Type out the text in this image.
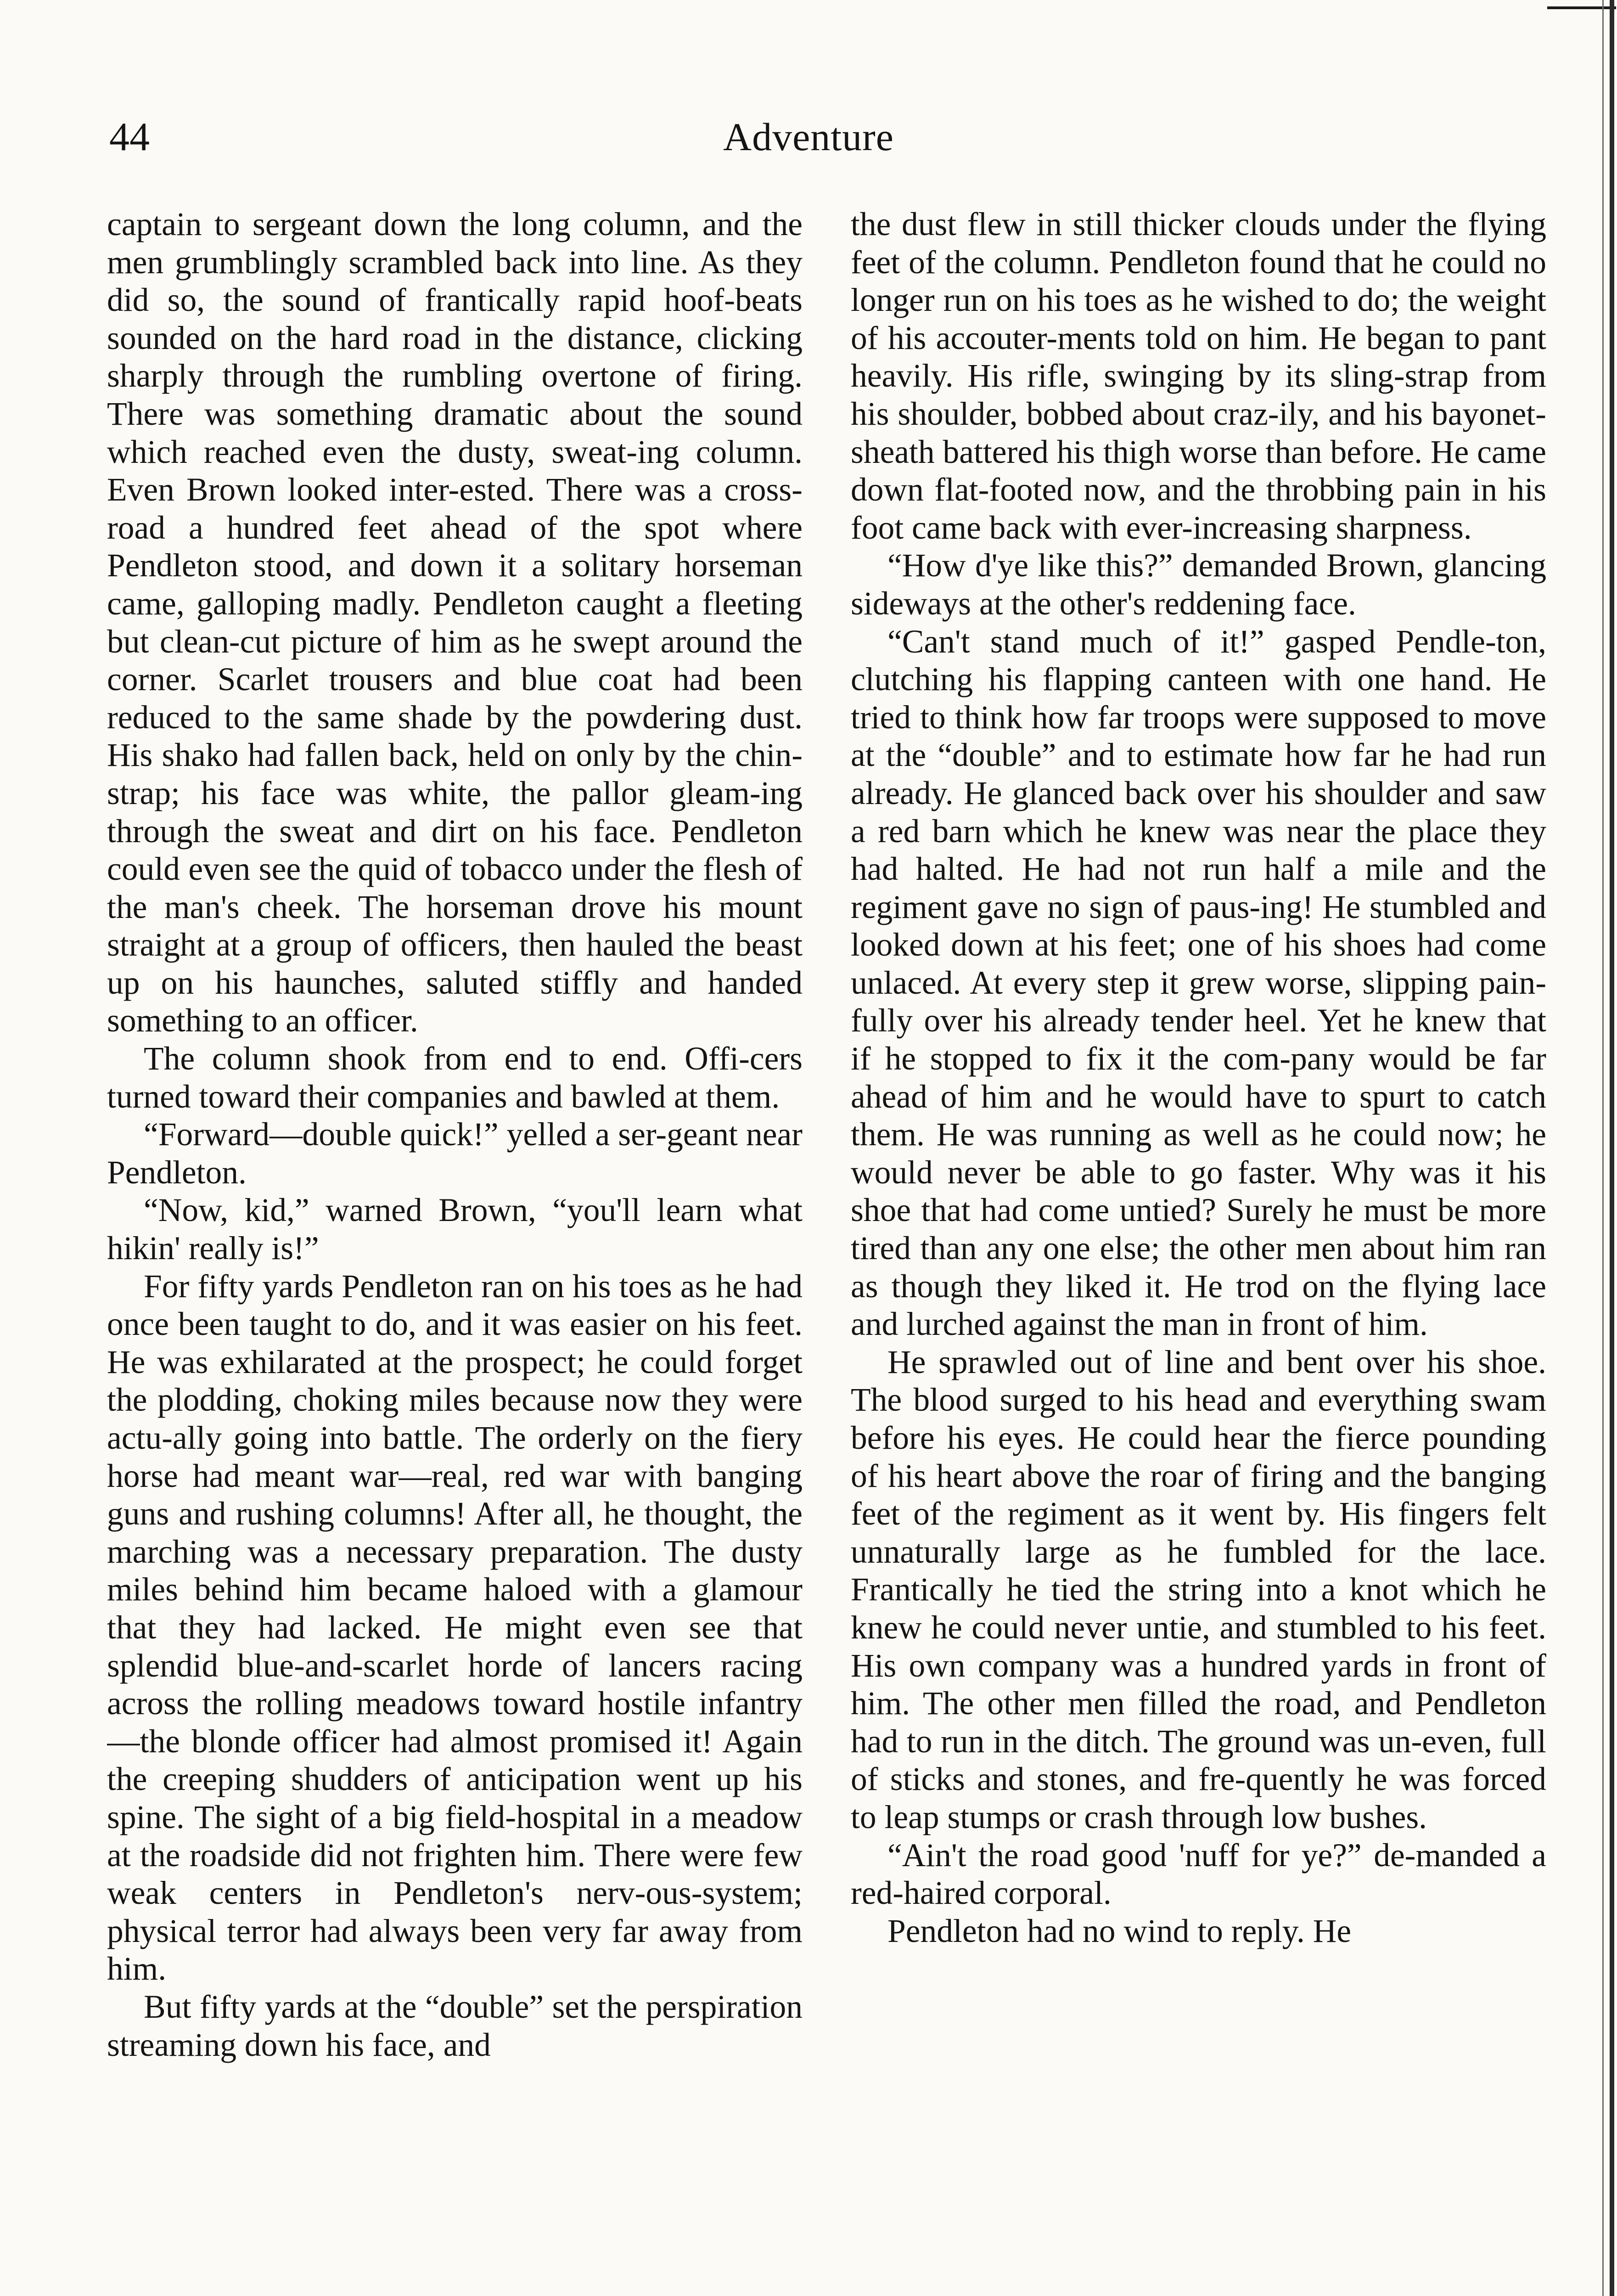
44	Adventure

captain to sergeant down the long column, and the men grumblingly scrambled back into line. As they did so, the sound of frantically rapid hoof-beats sounded on the hard road in the distance, clicking sharply through the rumbling overtone of firing. There was something dramatic about the sound which reached even the dusty, sweat-ing column. Even Brown looked inter-ested. There was a cross-road a hundred feet ahead of the spot where Pendleton stood, and down it a solitary horseman came, galloping madly. Pendleton caught a fleeting but clean-cut picture of him as he swept around the corner. Scarlet trousers and blue coat had been reduced to the same shade by the powdering dust. His shako had fallen back, held on only by the chin-strap; his face was white, the pallor gleam-ing through the sweat and dirt on his face. Pendleton could even see the quid of tobacco under the flesh of the man's cheek. The horseman drove his mount straight at a group of officers, then hauled the beast up on his haunches, saluted stiffly and handed something to an officer.

The column shook from end to end. Offi-cers turned toward their companies and bawled at them.

“Forward—double quick!” yelled a ser-geant near Pendleton.

“Now, kid,” warned Brown, “you'll learn what hikin' really is!”

For fifty yards Pendleton ran on his toes as he had once been taught to do, and it was easier on his feet. He was exhilarated at the prospect; he could forget the plodding, choking miles because now they were actu-ally going into battle. The orderly on the fiery horse had meant war—real, red war with banging guns and rushing columns! After all, he thought, the marching was a necessary preparation. The dusty miles behind him became haloed with a glamour that they had lacked. He might even see that splendid blue-and-scarlet horde of lancers racing across the rolling meadows toward hostile infantry—the blonde officer had almost promised it! Again the creeping shudders of anticipation went up his spine. The sight of a big field-hospital in a meadow at the roadside did not frighten him. There were few weak centers in Pendleton's nerv-ous-system; physical terror had always been very far away from him.

But fifty yards at the “double” set the perspiration streaming down his face, and

the dust flew in still thicker clouds under the flying feet of the column. Pendleton found that he could no longer run on his toes as he wished to do; the weight of his accouter-ments told on him. He began to pant heavily. His rifle, swinging by its sling-strap from his shoulder, bobbed about craz-ily, and his bayonet-sheath battered his thigh worse than before. He came down flat-footed now, and the throbbing pain in his foot came back with ever-increasing sharpness.

“How d'ye like this?” demanded Brown, glancing sideways at the other's reddening face.

“Can't stand much of it!” gasped Pendle-ton, clutching his flapping canteen with one hand. He tried to think how far troops were supposed to move at the “double” and to estimate how far he had run already. He glanced back over his shoulder and saw a red barn which he knew was near the place they had halted. He had not run half a mile and the regiment gave no sign of paus-ing! He stumbled and looked down at his feet; one of his shoes had come unlaced. At every step it grew worse, slipping pain-fully over his already tender heel. Yet he knew that if he stopped to fix it the com-pany would be far ahead of him and he would have to spurt to catch them. He was running as well as he could now; he would never be able to go faster. Why was it his shoe that had come untied? Surely he must be more tired than any one else; the other men about him ran as though they liked it. He trod on the flying lace and lurched against the man in front of him.

He sprawled out of line and bent over his shoe. The blood surged to his head and everything swam before his eyes. He could hear the fierce pounding of his heart above the roar of firing and the banging feet of the regiment as it went by. His fingers felt unnaturally large as he fumbled for the lace. Frantically he tied the string into a knot which he knew he could never untie, and stumbled to his feet. His own company was a hundred yards in front of him. The other men filled the road, and Pendleton had to run in the ditch. The ground was un-even, full of sticks and stones, and fre-quently he was forced to leap stumps or crash through low bushes.

“Ain't the road good 'nuff for ye?” de-manded a red-haired corporal.

Pendleton had no wind to reply. He
